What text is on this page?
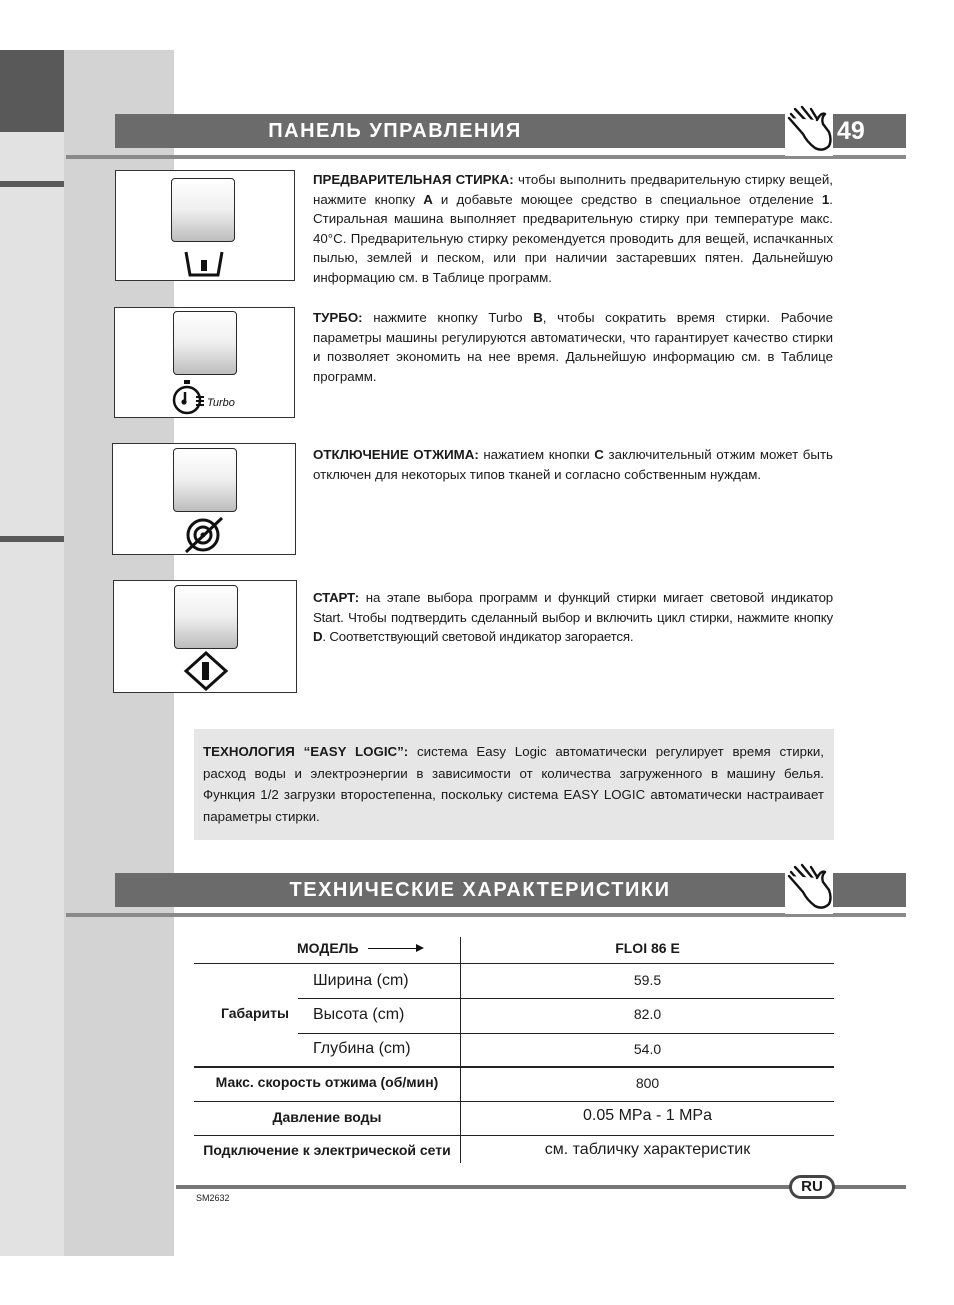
ПАНЕЛЬ УПРАВЛЕНИЯ	49
ПРЕДВАРИТЕЛЬНАЯ СТИРКА: чтобы выполнить предварительную стирку вещей, нажмите кнопку A и добавьте моющее средство в специальное отделение 1. Стиральная машина выполняет предварительную стирку при температуре макс. 40°C. Предварительную стирку рекомендуется проводить для вещей, испачканных пылью, землей и песком, или при наличии застаревших пятен. Дальнейшую информацию см. в Таблице программ.
Turbo
ТУРБО: нажмите кнопку Turbo B, чтобы сократить время стирки. Рабочие параметры машины регулируются автоматически, что гарантирует качество стирки и позволяет экономить на нее время. Дальнейшую информацию см. в Таблице программ.
ОТКЛЮЧЕНИЕ ОТЖИМА: нажатием кнопки C заключительный отжим может быть отключен для некоторых типов тканей и согласно собственным нуждам.
СТАРТ: на этапе выбора программ и функций стирки мигает световой индикатор Start. Чтобы подтвердить сделанный выбор и включить цикл стирки, нажмите кнопку D. Соответствующий световой индикатор загорается.
ТЕХНОЛОГИЯ “EASY LOGIC”: система Easy Logic автоматически регулирует время стирки, расход воды и электроэнергии в зависимости от количества загруженного в машину белья. Функция 1/2 загрузки второстепенна, поскольку система EASY LOGIC автоматически настраивает параметры стирки.
ТЕХНИЧЕСКИЕ ХАРАКТЕРИСТИКИ
МОДЕЛЬ	FLOI 86 E
Габариты
Ширина (cm)	59.5
Высота (cm)	82.0
Глубина (cm)	54.0
Макс. скорость отжима (об/мин)	800
Давление воды	0.05 MPa - 1 MPa
Подключение к электрической сети	см. табличку характеристик
RU
SM2632
